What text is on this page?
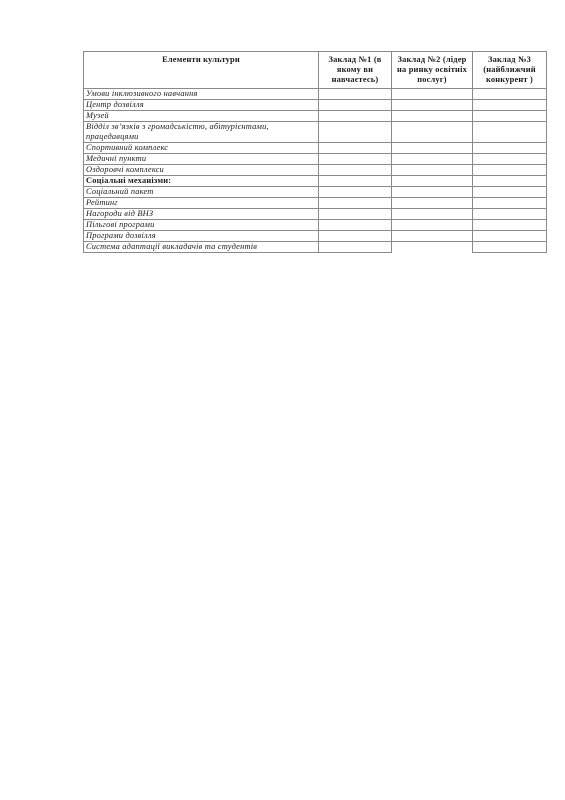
Елементи культури	Заклад №1 (в якому ви навчаєтесь)	Заклад №2 (лідер на ринку освітніх послуг)	Заклад №3 (найближчий конкурент )
Умови інклюзивного навчання			
Центр дозвілля			
Музей			
Відділ зв’язків з громадськістю, абітурієнтами, працедавцями			
Спортивний комплекс			
Медичні пункти			
Оздоровчі комплекси			
Соціальні механізми:			
Соціальний пакет			
Рейтинг			
Нагороди від ВНЗ			
Пільгові програми			
Програми дозвілля			
Система адаптації викладачів та студентів			
